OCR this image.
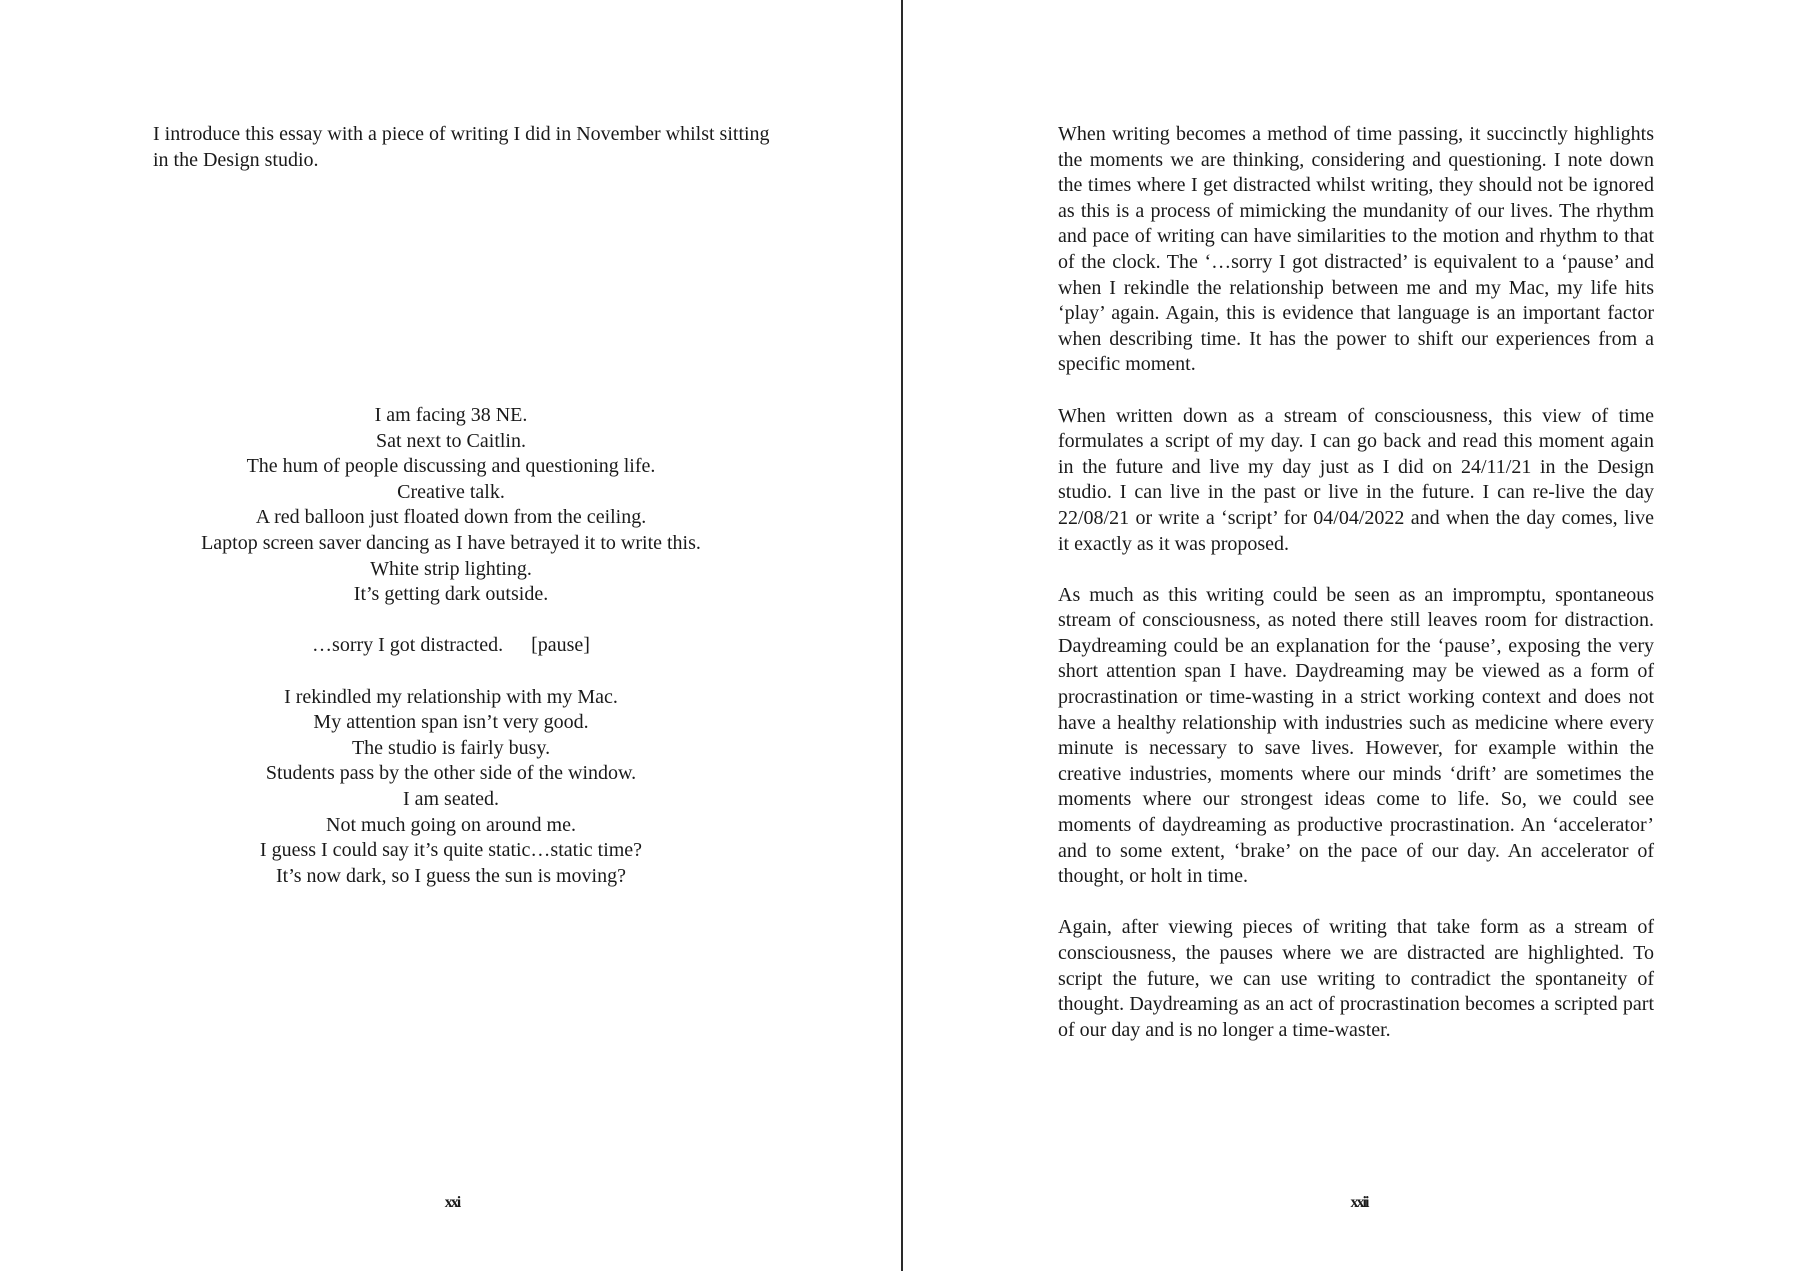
I introduce this essay with a piece of writing I did in November whilst sitting in the Design studio.

I am facing 38 NE.
Sat next to Caitlin.
The hum of people discussing and questioning life.
Creative talk.
A red balloon just floated down from the ceiling.
Laptop screen saver dancing as I have betrayed it to write this.
White strip lighting.
It’s getting dark outside.
…sorry I got distracted. [pause]
I rekindled my relationship with my Mac.
My attention span isn’t very good.
The studio is fairly busy.
Students pass by the other side of the window.
I am seated.
Not much going on around me.
I guess I could say it’s quite static…static time?
It’s now dark, so I guess the sun is moving?
xxi

When writing becomes a method of time passing, it succinctly highlights the moments we are thinking, considering and questioning. I note down the times where I get distracted whilst writing, they should not be ignored as this is a process of mimicking the mundanity of our lives. The rhythm and pace of writing can have similarities to the motion and rhythm to that of the clock. The ‘…sorry I got distracted’ is equivalent to a ‘pause’ and when I rekindle the relationship between me and my Mac, my life hits ‘play’ again. Again, this is evidence that language is an important factor when describing time. It has the power to shift our experiences from a specific moment.

When written down as a stream of consciousness, this view of time formulates a script of my day. I can go back and read this moment again in the future and live my day just as I did on 24/11/21 in the Design studio. I can live in the past or live in the future. I can re-live the day 22/08/21 or write a ‘script’ for 04/04/2022 and when the day comes, live it exactly as it was proposed.

As much as this writing could be seen as an impromptu, spontaneous stream of consciousness, as noted there still leaves room for distraction. Daydreaming could be an explanation for the ‘pause’, exposing the very short attention span I have. Daydreaming may be viewed as a form of procrastination or time-wasting in a strict working context and does not have a healthy relationship with industries such as medicine where every minute is necessary to save lives. However, for example within the creative industries, moments where our minds ‘drift’ are sometimes the moments where our strongest ideas come to life. So, we could see moments of daydreaming as productive procrastination. An ‘accelerator’ and to some extent, ‘brake’ on the pace of our day. An accelerator of thought, or holt in time.

Again, after viewing pieces of writing that take form as a stream of consciousness, the pauses where we are distracted are highlighted. To script the future, we can use writing to contradict the spontaneity of thought. Daydreaming as an act of procrastination becomes a scripted part of our day and is no longer a time-waster.

xxii
